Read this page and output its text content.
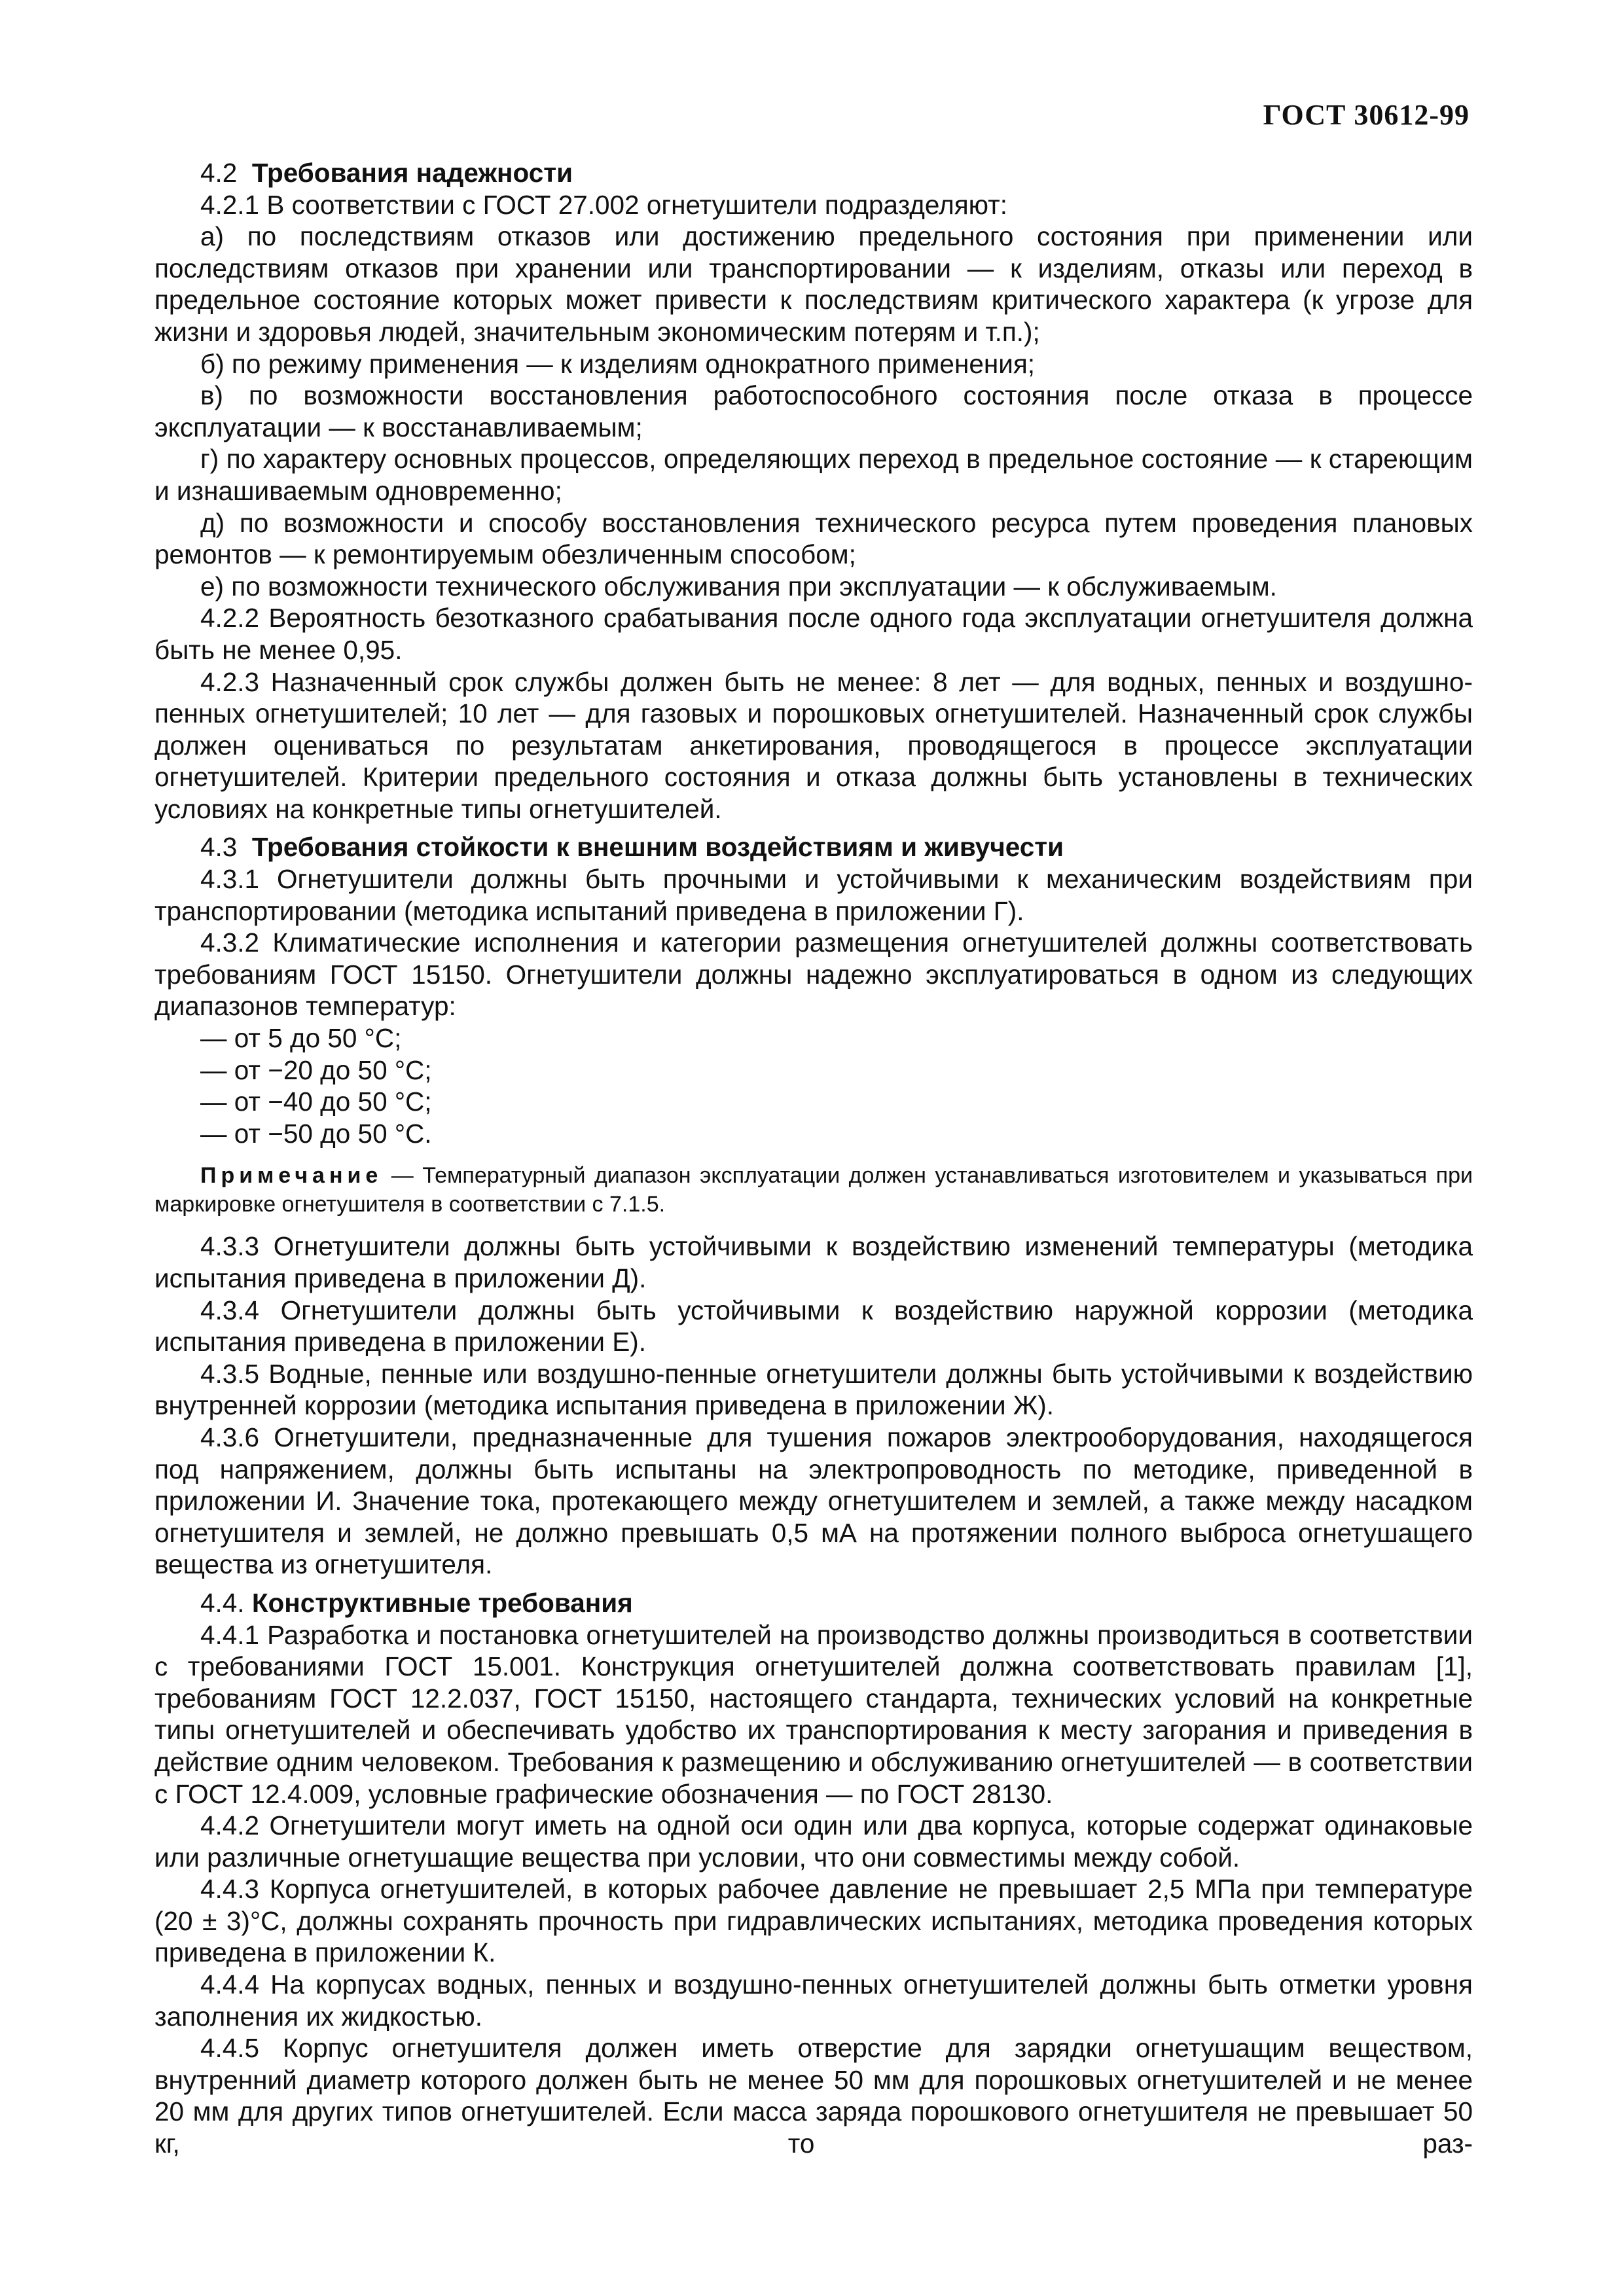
ГОСТ 30612-99

4.2 Требования надежности

4.2.1 В соответствии с ГОСТ 27.002 огнетушители подразделяют:

а) по последствиям отказов или достижению предельного состояния при применении или последствиям отказов при хранении или транспортировании — к изделиям, отказы или переход в предельное состояние которых может привести к последствиям критического характера (к угрозе для жизни и здоровья людей, значительным экономическим потерям и т.п.);

б) по режиму применения — к изделиям однократного применения;

в) по возможности восстановления работоспособного состояния после отказа в процессе эксплуатации — к восстанавливаемым;

г) по характеру основных процессов, определяющих переход в предельное состояние — к стареющим и изнашиваемым одновременно;

д) по возможности и способу восстановления технического ресурса путем проведения плановых ремонтов — к ремонтируемым обезличенным способом;

е) по возможности технического обслуживания при эксплуатации — к обслуживаемым.

4.2.2 Вероятность безотказного срабатывания после одного года эксплуатации огнетушителя должна быть не менее 0,95.

4.2.3 Назначенный срок службы должен быть не менее: 8 лет — для водных, пенных и воздушно-пенных огнетушителей; 10 лет — для газовых и порошковых огнетушителей. Назначенный срок службы должен оцениваться по результатам анкетирования, проводящегося в процессе эксплуатации огнетушителей. Критерии предельного состояния и отказа должны быть установлены в технических условиях на конкретные типы огнетушителей.

4.3 Требования стойкости к внешним воздействиям и живучести

4.3.1 Огнетушители должны быть прочными и устойчивыми к механическим воздействиям при транспортировании (методика испытаний приведена в приложении Г).

4.3.2 Климатические исполнения и категории размещения огнетушителей должны соответствовать требованиям ГОСТ 15150. Огнетушители должны надежно эксплуатироваться в одном из следующих диапазонов температур:

— от 5 до 50 °С;

— от −20 до 50 °С;

— от −40 до 50 °С;

— от −50 до 50 °С.

Примечание — Температурный диапазон эксплуатации должен устанавливаться изготовителем и указываться при маркировке огнетушителя в соответствии с 7.1.5.

4.3.3 Огнетушители должны быть устойчивыми к воздействию изменений температуры (методика испытания приведена в приложении Д).

4.3.4 Огнетушители должны быть устойчивыми к воздействию наружной коррозии (методика испытания приведена в приложении Е).

4.3.5 Водные, пенные или воздушно-пенные огнетушители должны быть устойчивыми к воздействию внутренней коррозии (методика испытания приведена в приложении Ж).

4.3.6 Огнетушители, предназначенные для тушения пожаров электрооборудования, находящегося под напряжением, должны быть испытаны на электропроводность по методике, приведенной в приложении И. Значение тока, протекающего между огнетушителем и землей, а также между насадком огнетушителя и землей, не должно превышать 0,5 мА на протяжении полного выброса огнетушащего вещества из огнетушителя.

4.4. Конструктивные требования

4.4.1 Разработка и постановка огнетушителей на производство должны производиться в соответствии с требованиями ГОСТ 15.001. Конструкция огнетушителей должна соответствовать правилам [1], требованиям ГОСТ 12.2.037, ГОСТ 15150, настоящего стандарта, технических условий на конкретные типы огнетушителей и обеспечивать удобство их транспортирования к месту загорания и приведения в действие одним человеком. Требования к размещению и обслуживанию огнетушителей — в соответствии с ГОСТ 12.4.009, условные графические обозначения — по ГОСТ 28130.

4.4.2 Огнетушители могут иметь на одной оси один или два корпуса, которые содержат одинаковые или различные огнетушащие вещества при условии, что они совместимы между собой.

4.4.3 Корпуса огнетушителей, в которых рабочее давление не превышает 2,5 МПа при температуре (20 ± 3)°С, должны сохранять прочность при гидравлических испытаниях, методика проведения которых приведена в приложении К.

4.4.4 На корпусах водных, пенных и воздушно-пенных огнетушителей должны быть отметки уровня заполнения их жидкостью.

4.4.5 Корпус огнетушителя должен иметь отверстие для зарядки огнетушащим веществом, внутренний диаметр которого должен быть не менее 50 мм для порошковых огнетушителей и не менее 20 мм для других типов огнетушителей. Если масса заряда порошкового огнетушителя не превышает 50 кг, то раз-
